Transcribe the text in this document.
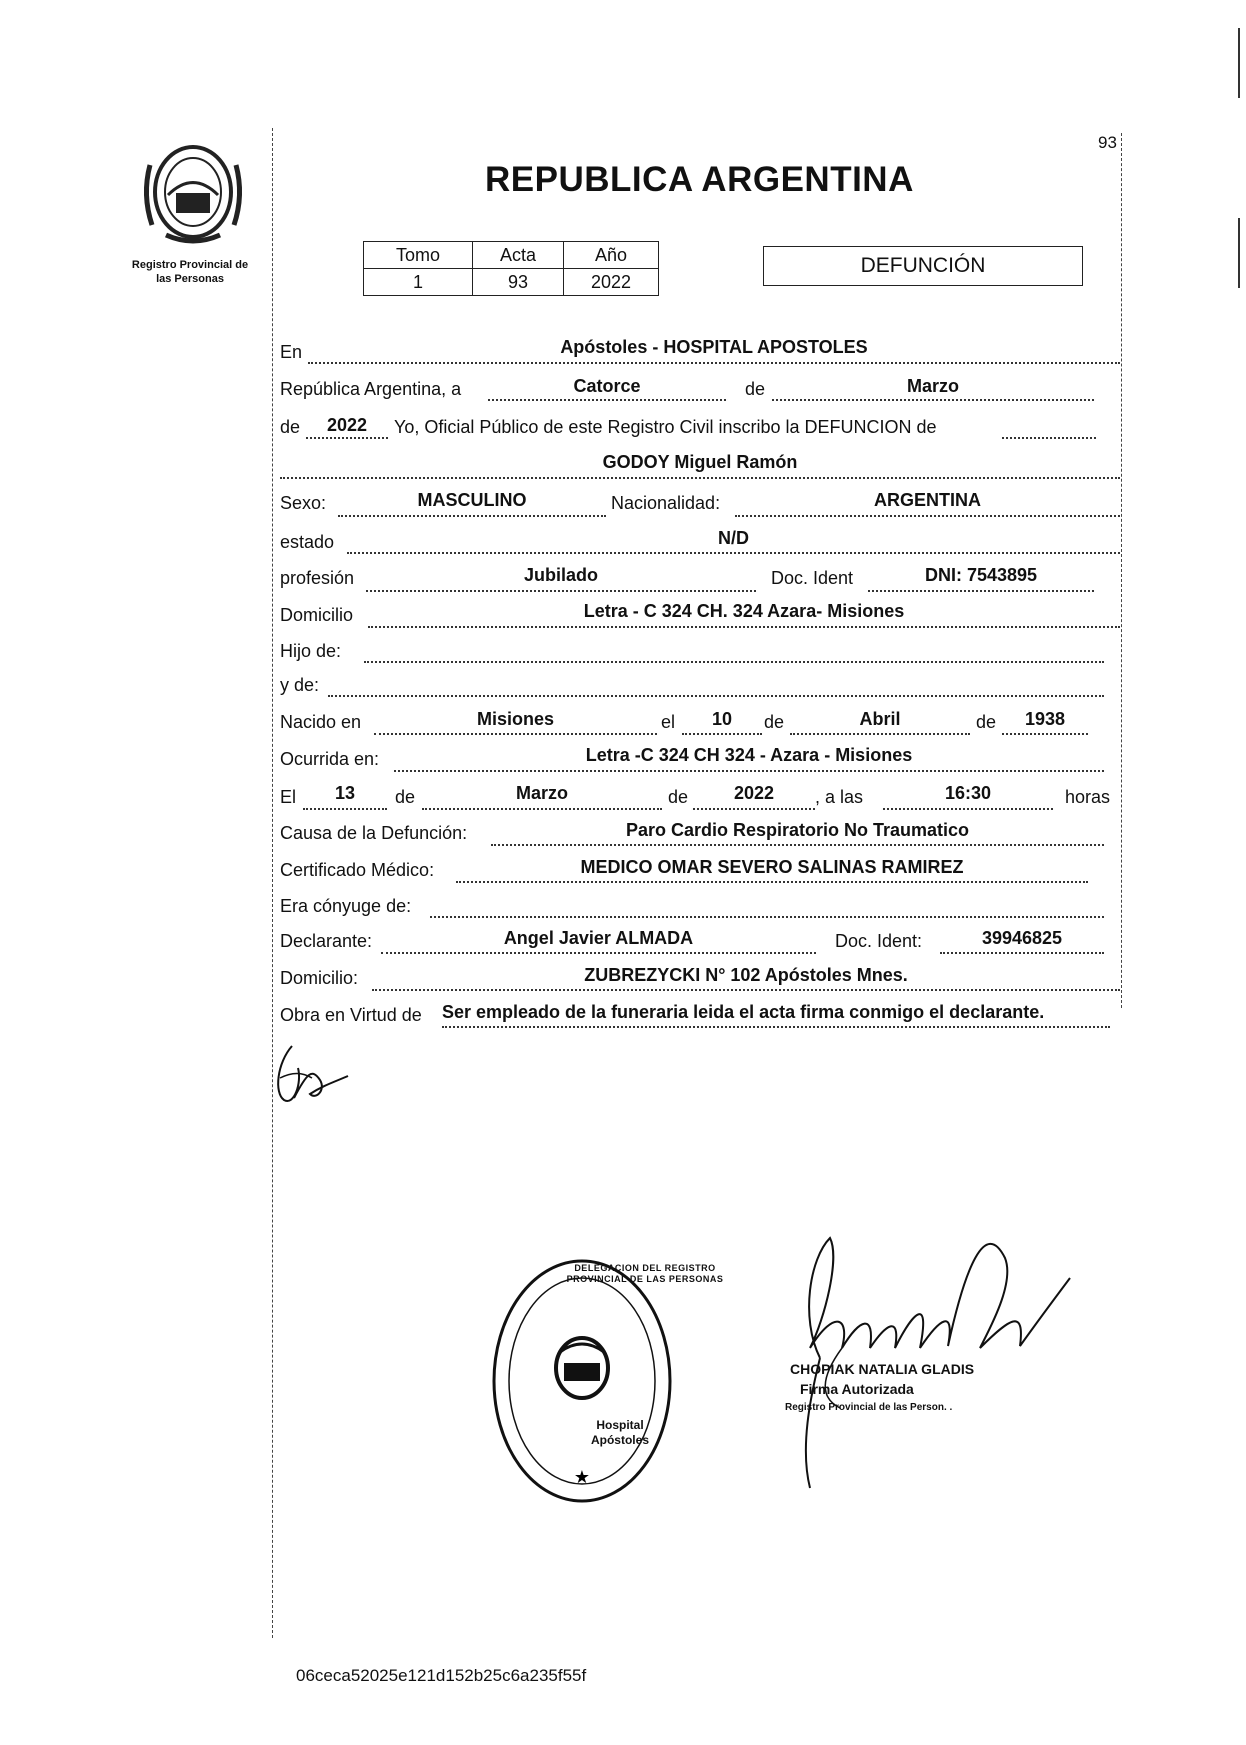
93
Registro Provincial de
las Personas
REPUBLICA ARGENTINA
Tomo	Acta	Año
1	93	2022
DEFUNCIÓN
En	Apóstoles - HOSPITAL APOSTOLES
República Argentina, a	Catorce	de	Marzo
de	2022	Yo, Oficial Público de este Registro Civil inscribo la DEFUNCION de
GODOY Miguel Ramón
Sexo:	MASCULINO	Nacionalidad:	ARGENTINA
estado	N/D
profesión	Jubilado	Doc. Ident	DNI: 7543895
Domicilio	Letra - C 324 CH. 324 Azara- Misiones
Hijo de:
y de:
Nacido en	Misiones	el	10	de	Abril	de	1938
Ocurrida en:	Letra -C 324 CH 324 - Azara - Misiones
El	13	de	Marzo	de	2022	, a las	16:30	horas
Causa de la Defunción:	Paro Cardio Respiratorio No Traumatico
Certificado Médico:	MEDICO OMAR SEVERO SALINAS RAMIREZ
Era cónyuge de:
Declarante:	Angel Javier ALMADA	Doc. Ident:	39946825
Domicilio:	ZUBREZYCKI N° 102 Apóstoles Mnes.
Obra en Virtud de Ser empleado de la funeraria leida el acta firma conmigo el declarante.
★
DELEGACION DEL REGISTRO PROVINCIAL DE LAS PERSONAS
Hospital
Apóstoles
CHOPIAK NATALIA GLADIS
Firma Autorizada
Registro Provincial de las Person. .
06ceca52025e121d152b25c6a235f55f
